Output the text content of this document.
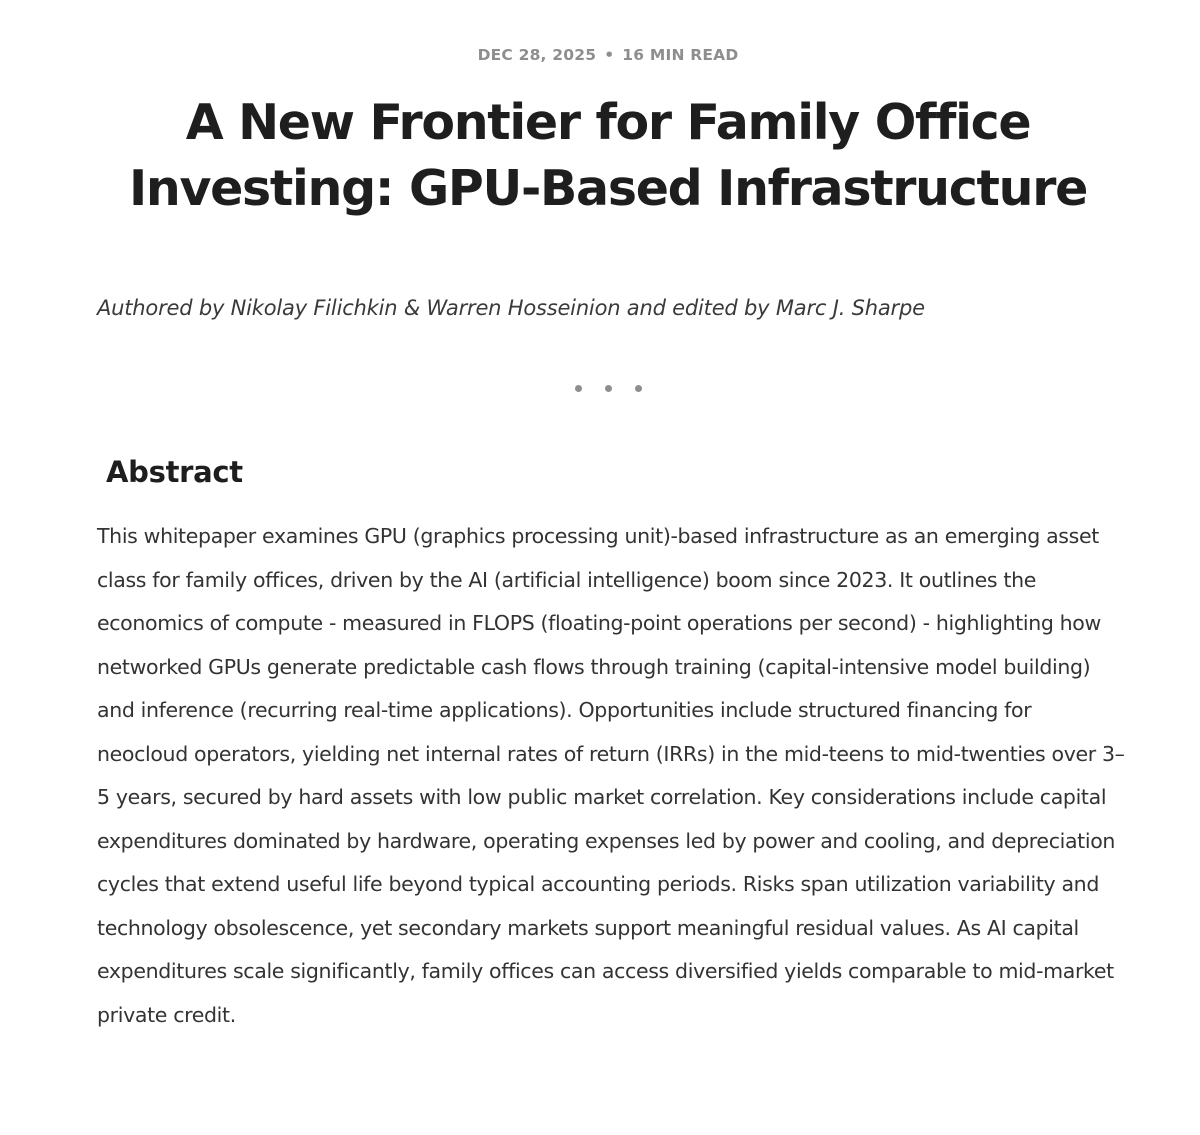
DEC 28, 2025 • 16 MIN READ
A New Frontier for Family Office Investing: GPU-Based Infrastructure

Authored by Nikolay Filichkin & Warren Hosseinion and edited by Marc J. Sharpe

Abstract

This whitepaper examines GPU (graphics processing unit)-based infrastructure as an emerging asset class for family offices, driven by the AI (artificial intelligence) boom since 2023. It outlines the economics of compute - measured in FLOPS (floating-point operations per second) - highlighting how networked GPUs generate predictable cash flows through training (capital-intensive model building) and inference (recurring real-time applications). Opportunities include structured financing for neocloud operators, yielding net internal rates of return (IRRs) in the mid-teens to mid-twenties over 3–5 years, secured by hard assets with low public market correlation. Key considerations include capital expenditures dominated by hardware, operating expenses led by power and cooling, and depreciation cycles that extend useful life beyond typical accounting periods. Risks span utilization variability and technology obsolescence, yet secondary markets support meaningful residual values. As AI capital expenditures scale significantly, family offices can access diversified yields comparable to mid-market private credit.
